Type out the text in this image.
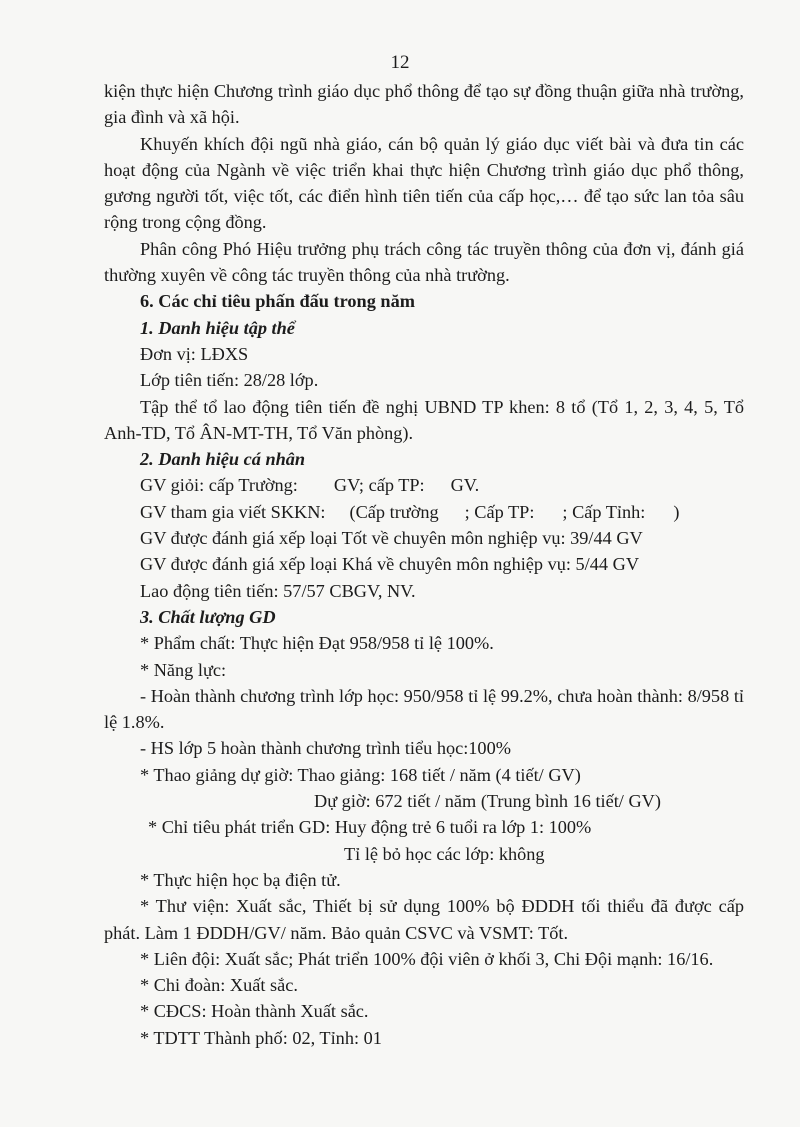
12

kiện thực hiện Chương trình giáo dục phổ thông để tạo sự đồng thuận giữa nhà trường, gia đình và xã hội.

Khuyến khích đội ngũ nhà giáo, cán bộ quản lý giáo dục viết bài và đưa tin các hoạt động của Ngành về việc triển khai thực hiện Chương trình giáo dục phổ thông, gương người tốt, việc tốt, các điển hình tiên tiến của cấp học,… để tạo sức lan tỏa sâu rộng trong cộng đồng.

Phân công Phó Hiệu trưởng phụ trách công tác truyền thông của đơn vị, đánh giá thường xuyên về công tác truyền thông của nhà trường.

6. Các chỉ tiêu phấn đấu trong năm

1. Danh hiệu tập thể

Đơn vị: LĐXS

Lớp tiên tiến: 28/28 lớp.

Tập thể tổ lao động tiên tiến đề nghị UBND TP khen: 8 tổ (Tổ 1, 2, 3, 4, 5, Tổ Anh-TD, Tổ ÂN-MT-TH, Tổ Văn phòng).

2. Danh hiệu cá nhân

GV giỏi: cấp Trường: GV; cấp TP: GV.

GV tham gia viết SKKN: (Cấp trường ; Cấp TP: ; Cấp Tỉnh: )

GV được đánh giá xếp loại Tốt về chuyên môn nghiệp vụ: 39/44 GV

GV được đánh giá xếp loại Khá về chuyên môn nghiệp vụ: 5/44 GV

Lao động tiên tiến: 57/57 CBGV, NV.

3. Chất lượng GD

* Phẩm chất: Thực hiện Đạt 958/958 tỉ lệ 100%.

* Năng lực:

- Hoàn thành chương trình lớp học: 950/958 tỉ lệ 99.2%, chưa hoàn thành: 8/958 tỉ lệ 1.8%.

- HS lớp 5 hoàn thành chương trình tiểu học:100%

* Thao giảng dự giờ: Thao giảng: 168 tiết / năm (4 tiết/ GV)

Dự giờ: 672 tiết / năm (Trung bình 16 tiết/ GV)

* Chỉ tiêu phát triển GD: Huy động trẻ 6 tuổi ra lớp 1: 100%

Tỉ lệ bỏ học các lớp: không

* Thực hiện học bạ điện tử.

* Thư viện: Xuất sắc, Thiết bị sử dụng 100% bộ ĐDDH tối thiểu đã được cấp phát. Làm 1 ĐDDH/GV/ năm. Bảo quản CSVC và VSMT: Tốt.

* Liên đội: Xuất sắc; Phát triển 100% đội viên ở khối 3, Chi Đội mạnh: 16/16.

* Chi đoàn: Xuất sắc.

* CĐCS: Hoàn thành Xuất sắc.

* TDTT Thành phố: 02, Tỉnh: 01
